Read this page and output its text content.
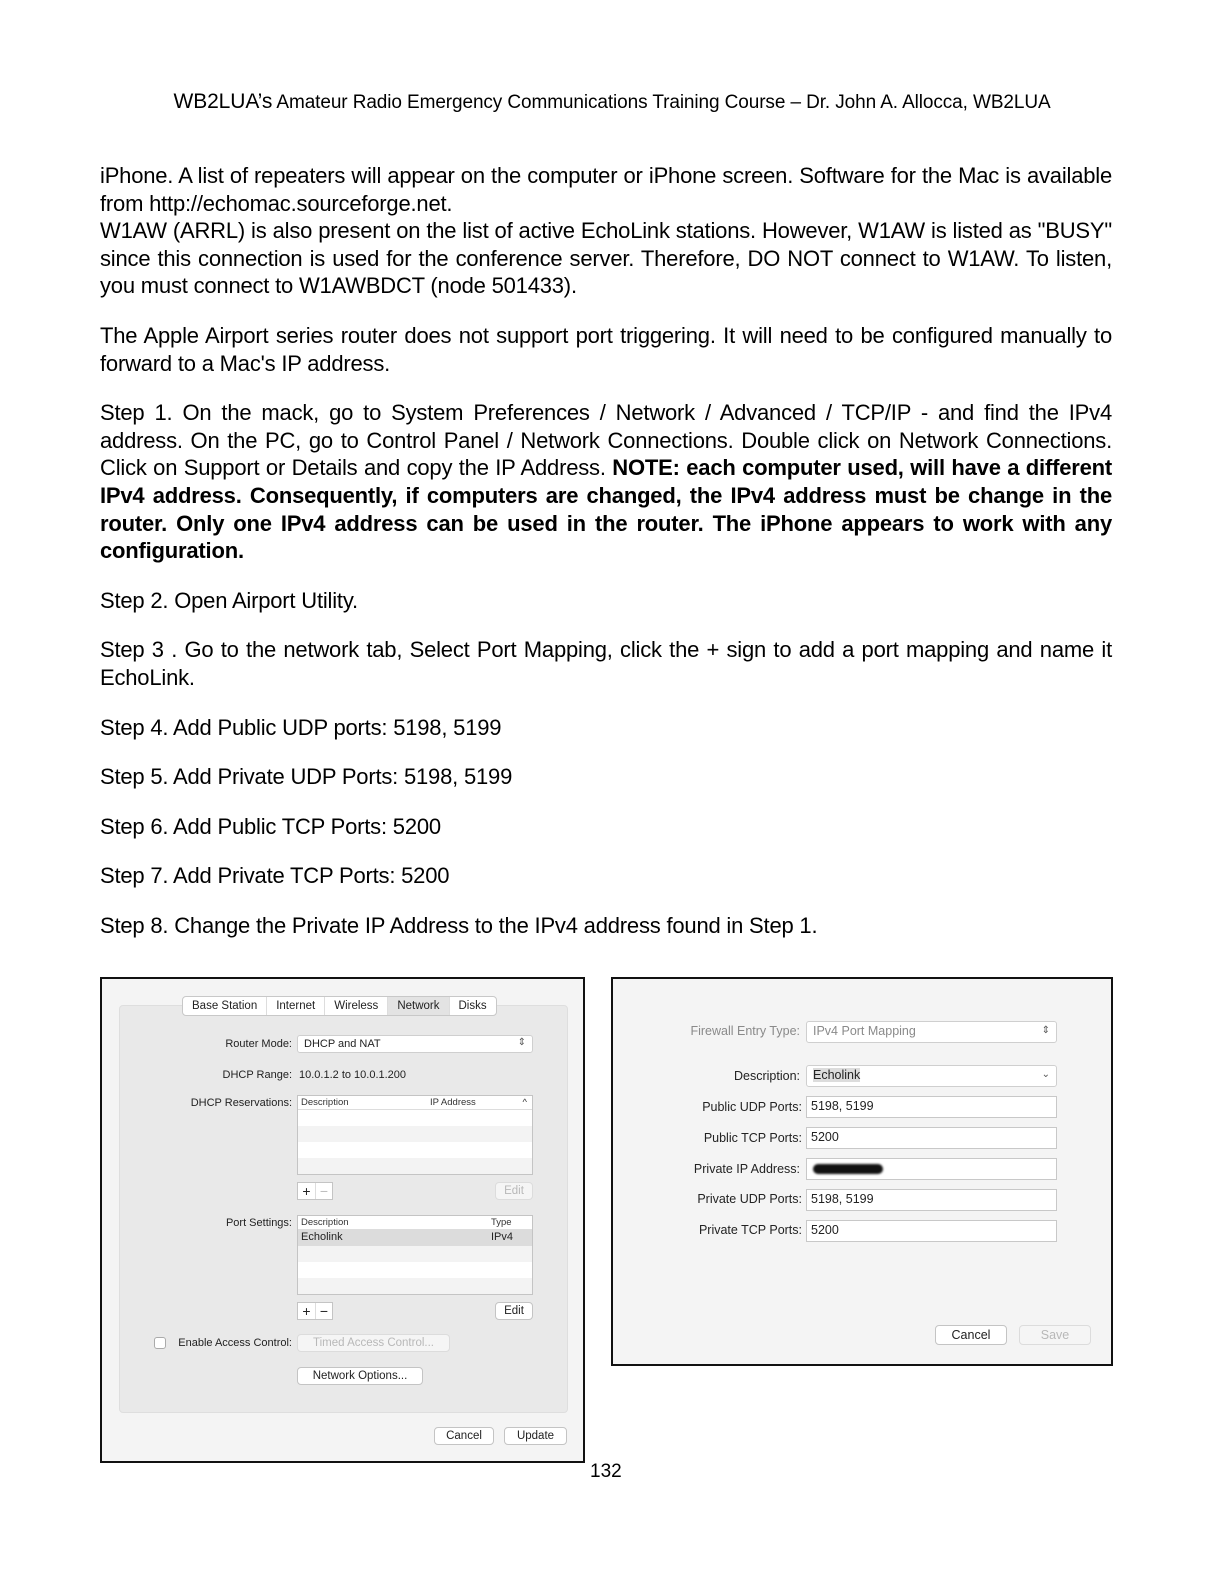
WB2LUA’s Amateur Radio Emergency Communications Training Course – Dr. John A. Allocca, WB2LUA

iPhone. A list of repeaters will appear on the computer or iPhone screen. Software for the Mac is available from http://echomac.sourceforge.net.

W1AW (ARRL) is also present on the list of active EchoLink stations. However, W1AW is listed as "BUSY" since this connection is used for the conference server. Therefore, DO NOT connect to W1AW. To listen, you must connect to W1AWBDCT (node 501433).

The Apple Airport series router does not support port triggering. It will need to be configured manually to forward to a Mac's IP address.

Step 1. On the mack, go to System Preferences / Network / Advanced / TCP/IP - and find the IPv4 address. On the PC, go to Control Panel / Network Connections. Double click on Network Connections. Click on Support or Details and copy the IP Address. NOTE: each computer used, will have a different IPv4 address. Consequently, if computers are changed, the IPv4 address must be change in the router. Only one IPv4 address can be used in the router. The iPhone appears to work with any configuration.

Step 2. Open Airport Utility.

Step 3 . Go to the network tab, Select Port Mapping, click the + sign to add a port mapping and name it EchoLink.

Step 4. Add Public UDP ports: 5198, 5199

Step 5. Add Private UDP Ports: 5198, 5199

Step 6. Add Public TCP Ports: 5200

Step 7. Add Private TCP Ports: 5200

Step 8. Change the Private IP Address to the IPv4 address found in Step 1.

Base Station	Internet	Wireless	Network	Disks
Router Mode:	DHCP and NAT	⇕
DHCP Range: 10.0.1.2 to 10.0.1.200
DHCP Reservations: Description	IP Address	^
+ −	Edit
Port Settings: Description	Type
Echolink	IPv4
+ −	Edit
Enable Access Control:	Timed Access Control...
Network Options...
Cancel	Update
Firewall Entry Type:	IPv4 Port Mapping	⇕
Description:	Echolink	⌄
Public UDP Ports: 5198, 5199
Public TCP Ports: 5200
Private IP Address:
Private UDP Ports: 5198, 5199
Private TCP Ports: 5200
Cancel	Save
132
